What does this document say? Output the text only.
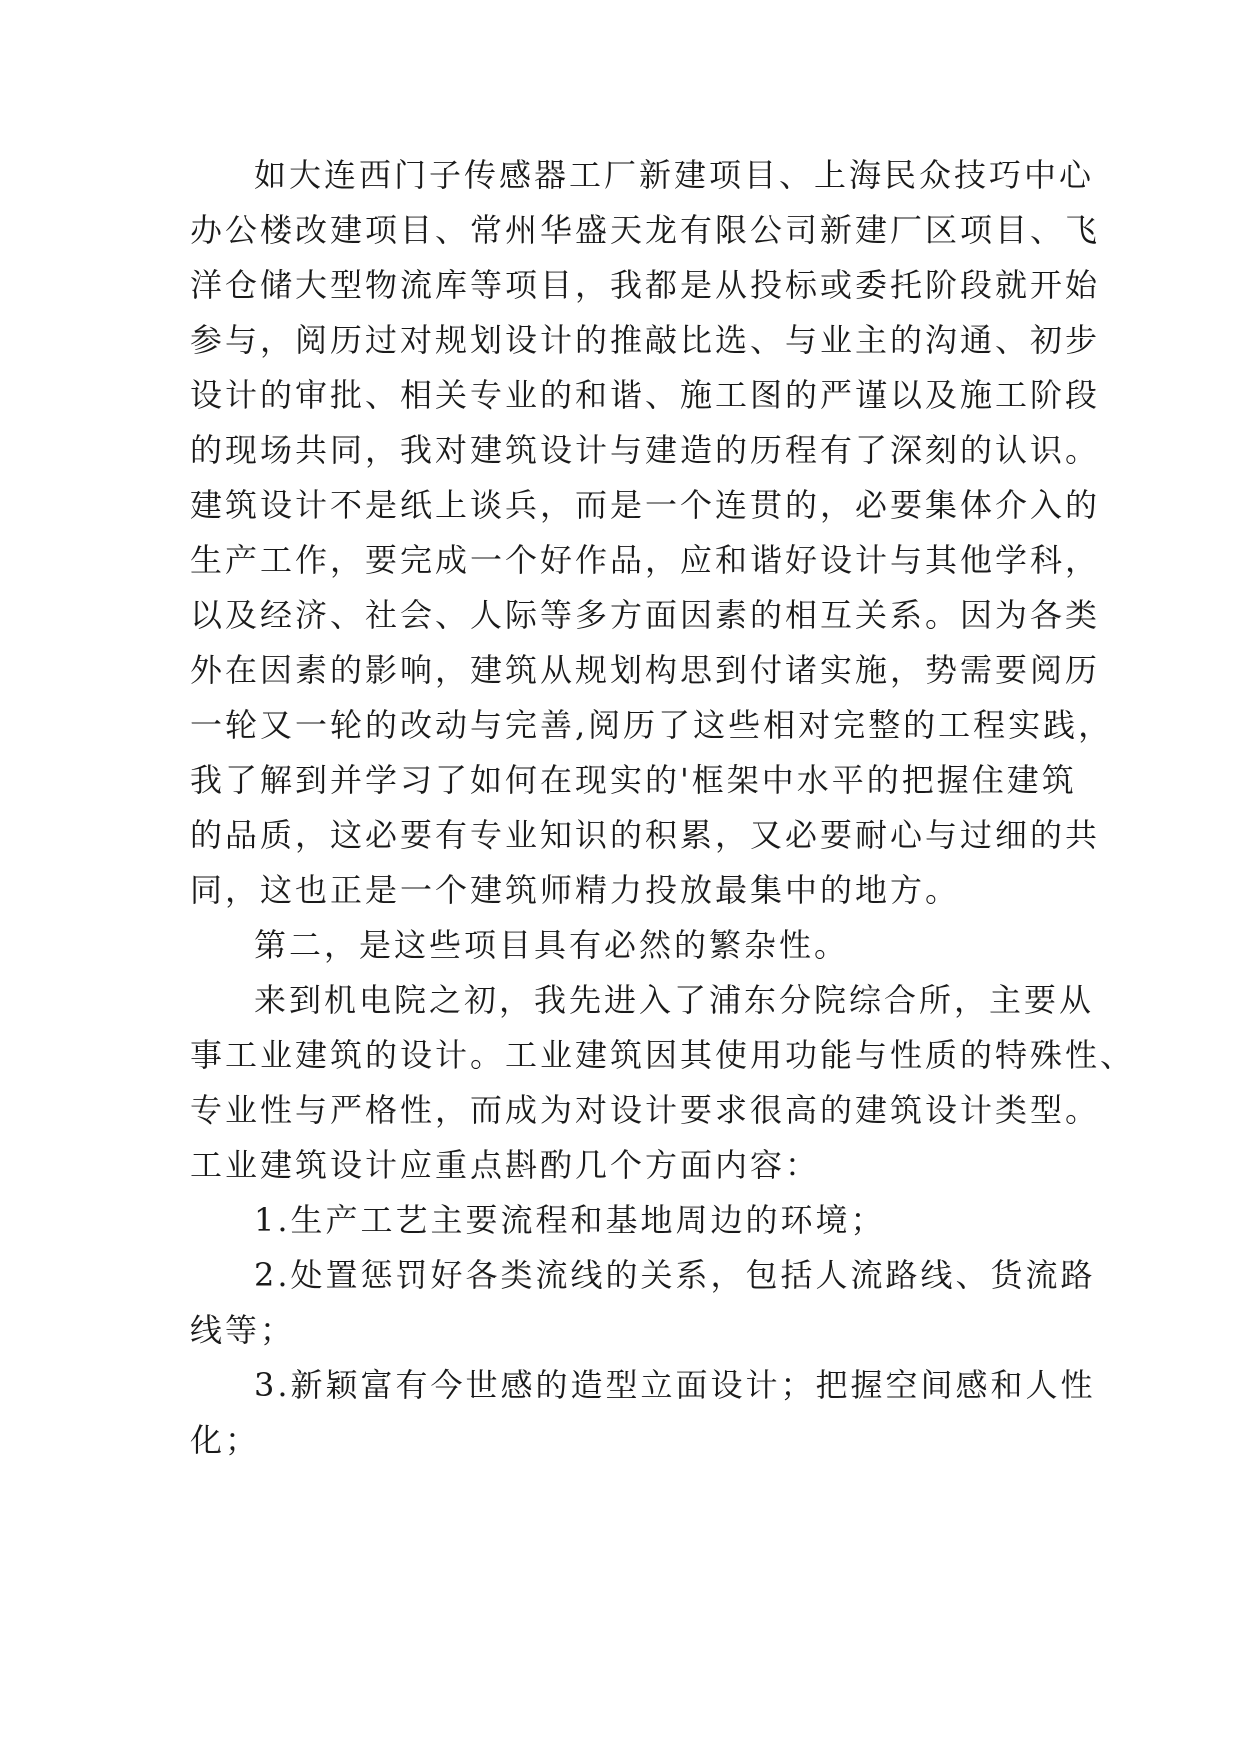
如大连西门子传感器工厂新建项目、上海民众技巧中心
办公楼改建项目、常州华盛天龙有限公司新建厂区项目、飞
洋仓储大型物流库等项目，我都是从投标或委托阶段就开始
参与，阅历过对规划设计的推敲比选、与业主的沟通、初步
设计的审批、相关专业的和谐、施工图的严谨以及施工阶段
的现场共同，我对建筑设计与建造的历程有了深刻的认识。
建筑设计不是纸上谈兵，而是一个连贯的，必要集体介入的
生产工作，要完成一个好作品，应和谐好设计与其他学科，
以及经济、社会、人际等多方面因素的相互关系。因为各类
外在因素的影响，建筑从规划构思到付诸实施，势需要阅历
一轮又一轮的改动与完善,阅历了这些相对完整的工程实践，
我了解到并学习了如何在现实的'框架中水平的把握住建筑
的品质，这必要有专业知识的积累，又必要耐心与过细的共
同，这也正是一个建筑师精力投放最集中的地方。
第二，是这些项目具有必然的繁杂性。
来到机电院之初，我先进入了浦东分院综合所，主要从
事工业建筑的设计。工业建筑因其使用功能与性质的特殊性、
专业性与严格性，而成为对设计要求很高的建筑设计类型。
工业建筑设计应重点斟酌几个方面内容：
1.生产工艺主要流程和基地周边的环境；
2.处置惩罚好各类流线的关系，包括人流路线、货流路
线等；
3.新颖富有今世感的造型立面设计；把握空间感和人性
化；
